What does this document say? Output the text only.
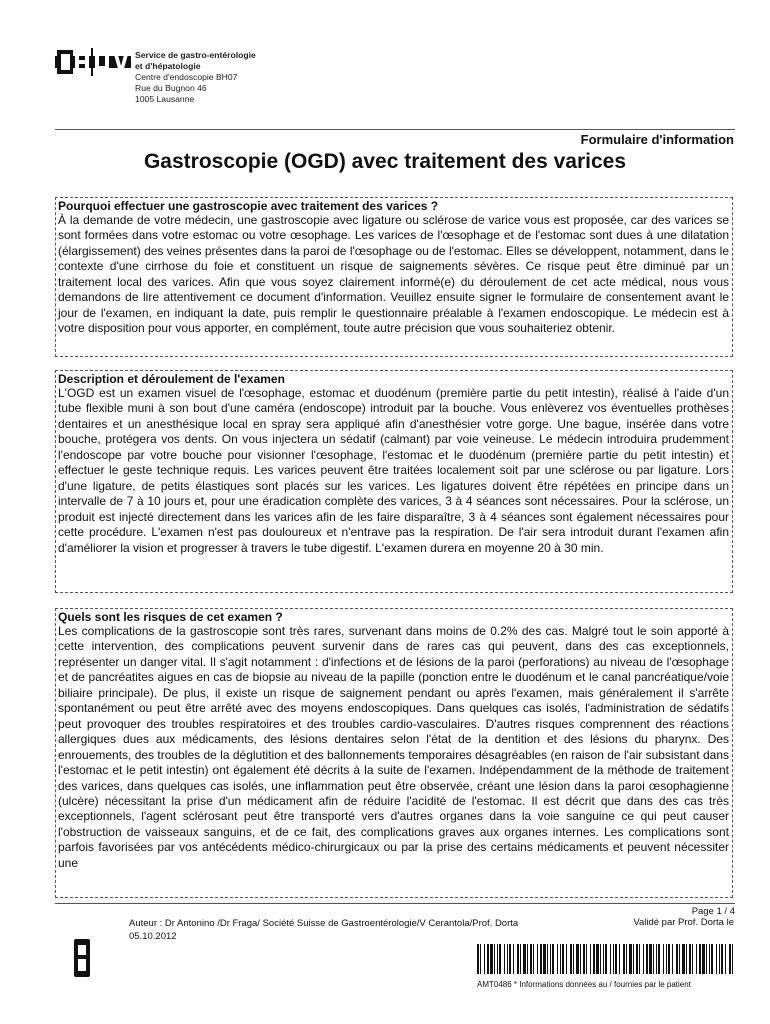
Service de gastro-entérologie
et d'hépatologie
Centre d'endoscopie BH07
Rue du Bugnon 46
1005 Lausanne
Formulaire d'information
Gastroscopie (OGD) avec traitement des varices
Pourquoi effectuer une gastroscopie avec traitement des varices ?

À la demande de votre médecin, une gastroscopie avec ligature ou sclérose de varice vous est proposée, car des varices se sont formées dans votre estomac ou votre œsophage. Les varices de l'œsophage et de l'estomac sont dues à une dilatation (élargissement) des veines présentes dans la paroi de l'œsophage ou de l'estomac. Elles se développent, notamment, dans le contexte d'une cirrhose du foie et constituent un risque de saignements sévères. Ce risque peut être diminué par un traitement local des varices. Afin que vous soyez clairement informé(e) du déroulement de cet acte médical, nous vous demandons de lire attentivement ce document d'information. Veuillez ensuite signer le formulaire de consentement avant le jour de l'examen, en indiquant la date, puis remplir le questionnaire préalable à l'examen endoscopique. Le médecin est à votre disposition pour vous apporter, en complément, toute autre précision que vous souhaiteriez obtenir.

Description et déroulement de l'examen

L'OGD est un examen visuel de l'œsophage, estomac et duodénum (première partie du petit intestin), réalisé à l'aide d'un tube flexible muni à son bout d'une caméra (endoscope) introduit par la bouche. Vous enlèverez vos éventuelles prothèses dentaires et un anesthésique local en spray sera appliqué afin d'anesthésier votre gorge. Une bague, insérée dans votre bouche, protégera vos dents. On vous injectera un sédatif (calmant) par voie veineuse. Le médecin introduira prudemment l'endoscope par votre bouche pour visionner l'œsophage, l'estomac et le duodénum (première partie du petit intestin) et effectuer le geste technique requis. Les varices peuvent être traitées localement soit par une sclérose ou par ligature. Lors d'une ligature, de petits élastiques sont placés sur les varices. Les ligatures doivent être répétées en principe dans un intervalle de 7 à 10 jours et, pour une éradication complète des varices, 3 à 4 séances sont nécessaires. Pour la sclérose, un produit est injecté directement dans les varices afin de les faire disparaître, 3 à 4 séances sont également nécessaires pour cette procédure. L'examen n'est pas douloureux et n'entrave pas la respiration. De l'air sera introduit durant l'examen afin d'améliorer la vision et progresser à travers le tube digestif. L'examen durera en moyenne 20 à 30 min.

Quels sont les risques de cet examen ?

Les complications de la gastroscopie sont très rares, survenant dans moins de 0.2% des cas. Malgré tout le soin apporté à cette intervention, des complications peuvent survenir dans de rares cas qui peuvent, dans des cas exceptionnels, représenter un danger vital. Il s'agit notamment : d'infections et de lésions de la paroi (perforations) au niveau de l'œsophage et de pancréatites aigues en cas de biopsie au niveau de la papille (ponction entre le duodénum et le canal pancréatique/voie biliaire principale). De plus, il existe un risque de saignement pendant ou après l'examen, mais généralement il s'arrête spontanément ou peut être arrêté avec des moyens endoscopiques. Dans quelques cas isolés, l'administration de sédatifs peut provoquer des troubles respiratoires et des troubles cardio-vasculaires. D'autres risques comprennent des réactions allergiques dues aux médicaments, des lésions dentaires selon l'état de la dentition et des lésions du pharynx. Des enrouements, des troubles de la déglutition et des ballonnements temporaires désagréables (en raison de l'air subsistant dans l'estomac et le petit intestin) ont également été décrits à la suite de l'examen. Indépendamment de la méthode de traitement des varices, dans quelques cas isolés, une inflammation peut être observée, créant une lésion dans la paroi œsophagienne (ulcère) nécessitant la prise d'un médicament afin de réduire l'acidité de l'estomac. Il est décrit que dans des cas très exceptionnels, l'agent sclérosant peut être transporté vers d'autres organes dans la voie sanguine ce qui peut causer l'obstruction de vaisseaux sanguins, et de ce fait, des complications graves aux organes internes. Les complications sont parfois favorisées par vos antécédents médico-chirurgicaux ou par la prise des certains médicaments et peuvent nécessiter une

Page 1 / 4
Auteur : Dr Antonino /Dr Fraga/ Société Suisse de Gastroentérologie/V Cerantola/Prof. Dorta
05.10.2012
Validé par Prof. Dorta le
AMT0486 * Informations données au / fournies par le patient
